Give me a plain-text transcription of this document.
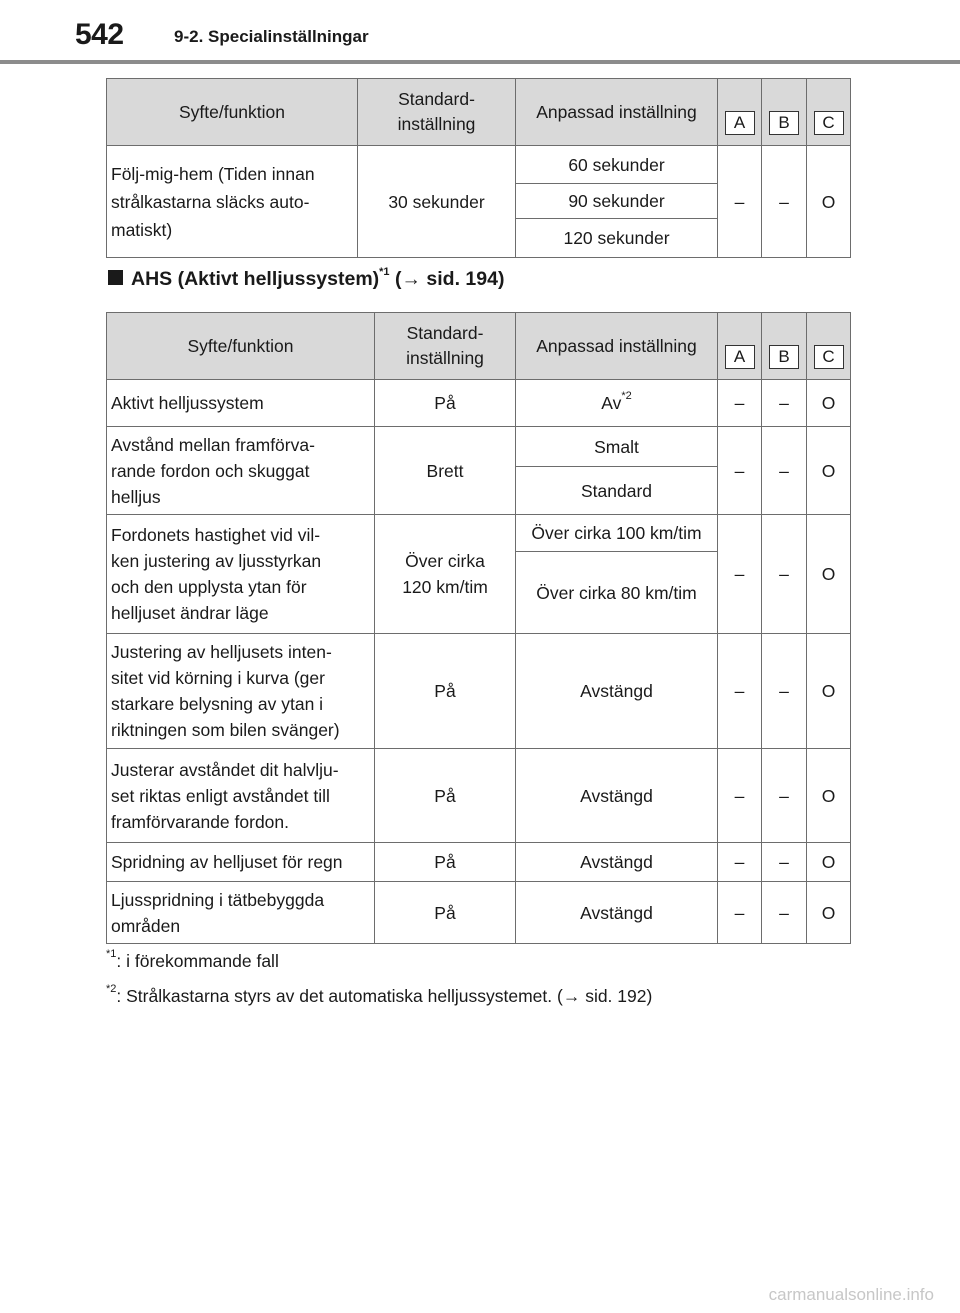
542	9-2. Specialinställningar
Syfte/funktion	Standard-
inställning	Anpassad inställning	A	B	C
Följ-mig-hem (Tiden innan
strålkastarna släcks auto-
matiskt)	30 sekunder	60 sekunder	–	–	O
		90 sekunder			
		120 sekunder			
AHS (Aktivt helljussystem)$^{*1}$ (→ sid. 194)
Syfte/funktion	Standard-
inställning	Anpassad inställning	A	B	C
Aktivt helljussystem	På	Av$^{*2}$	–	–	O
Avstånd mellan framförva-
rande fordon och skuggat
helljus	Brett	Smalt	–	–	O
		Standard			
Fordonets hastighet vid vil-
ken justering av ljusstyrkan
och den upplysta ytan för
helljuset ändrar läge	Över cirka
120 km/tim	Över cirka 100 km/tim	–	–	O
		Över cirka 80 km/tim			
Justering av helljusets inten-
sitet vid körning i kurva (ger
starkare belysning av ytan i
riktningen som bilen svänger)	På	Avstängd	–	–	O
Justerar avståndet dit halvlju-
set riktas enligt avståndet till
framförvarande fordon.	På	Avstängd	–	–	O
Spridning av helljuset för regn	På	Avstängd	–	–	O
Ljusspridning i tätbebyggda
områden	På	Avstängd	–	–	O
$^{*1}$: i förekommande fall
$^{*2}$: Strålkastarna styrs av det automatiska helljussystemet. (→ sid. 192)
carmanualsonline.info
